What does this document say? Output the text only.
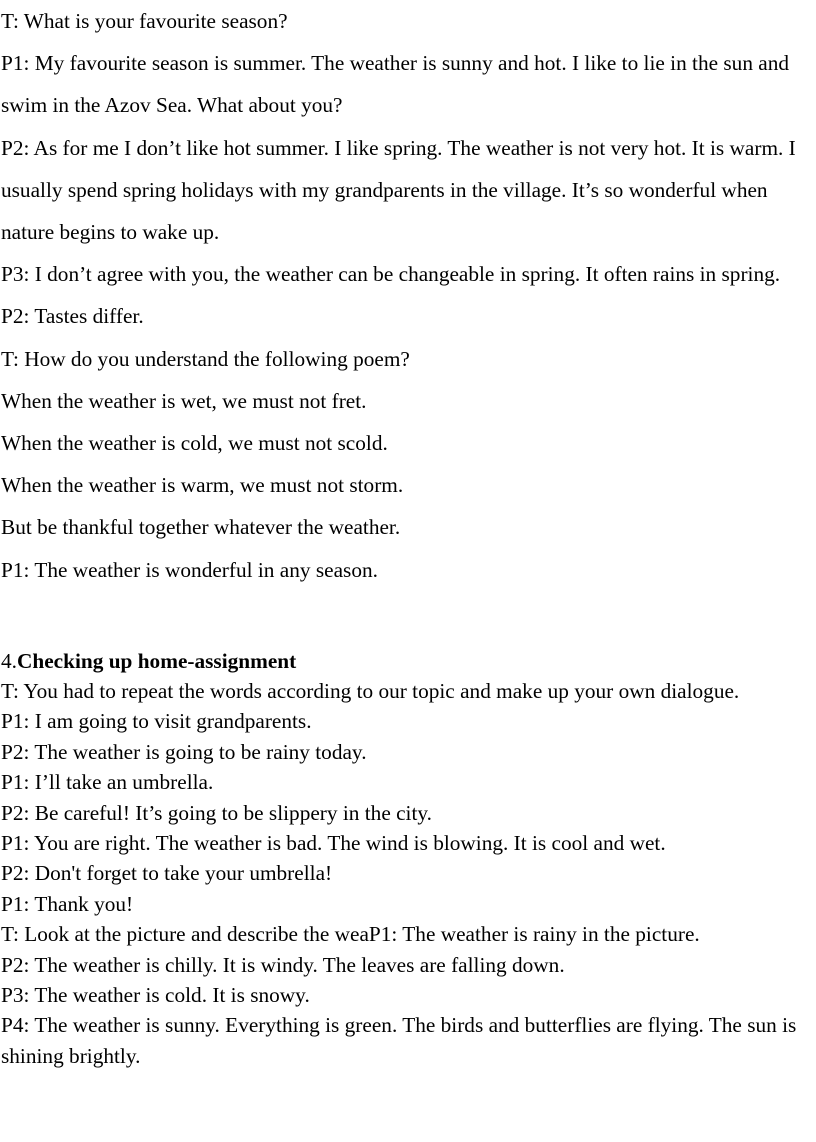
T: What is your favourite season?

P1: My favourite season is summer. The weather is sunny and hot. I like to lie in the sun and swim in the Azov Sea. What about you?

P2: As for me I don’t like hot summer. I like spring. The weather is not very hot. It is warm. I usually spend spring holidays with my grandparents in the village. It’s so wonderful when nature begins to wake up.

P3: I don’t agree with you, the weather can be changeable in spring. It often rains in spring.

P2: Tastes differ.

T: How do you understand the following poem?

When the weather is wet, we must not fret.

When the weather is cold, we must not scold.

When the weather is warm, we must not storm.

But be thankful together whatever the weather.

P1: The weather is wonderful in any season.

4.Checking up home-assignment

T: You had to repeat the words according to our topic and make up your own dialogue.

P1: I am going to visit grandparents.

P2: The weather is going to be rainy today.

P1: I’ll take an umbrella.

P2: Be careful! It’s going to be slippery in the city.

P1: You are right. The weather is bad. The wind is blowing. It is cool and wet.

P2: Don't forget to take your umbrella!

P1: Thank you!

T: Look at the picture and describe the weaP1: The weather is rainy in the picture.

P2: The weather is chilly. It is windy. The leaves are falling down.

P3: The weather is cold. It is snowy.

P4: The weather is sunny. Everything is green. The birds and butterflies are flying. The sun is shining brightly.
